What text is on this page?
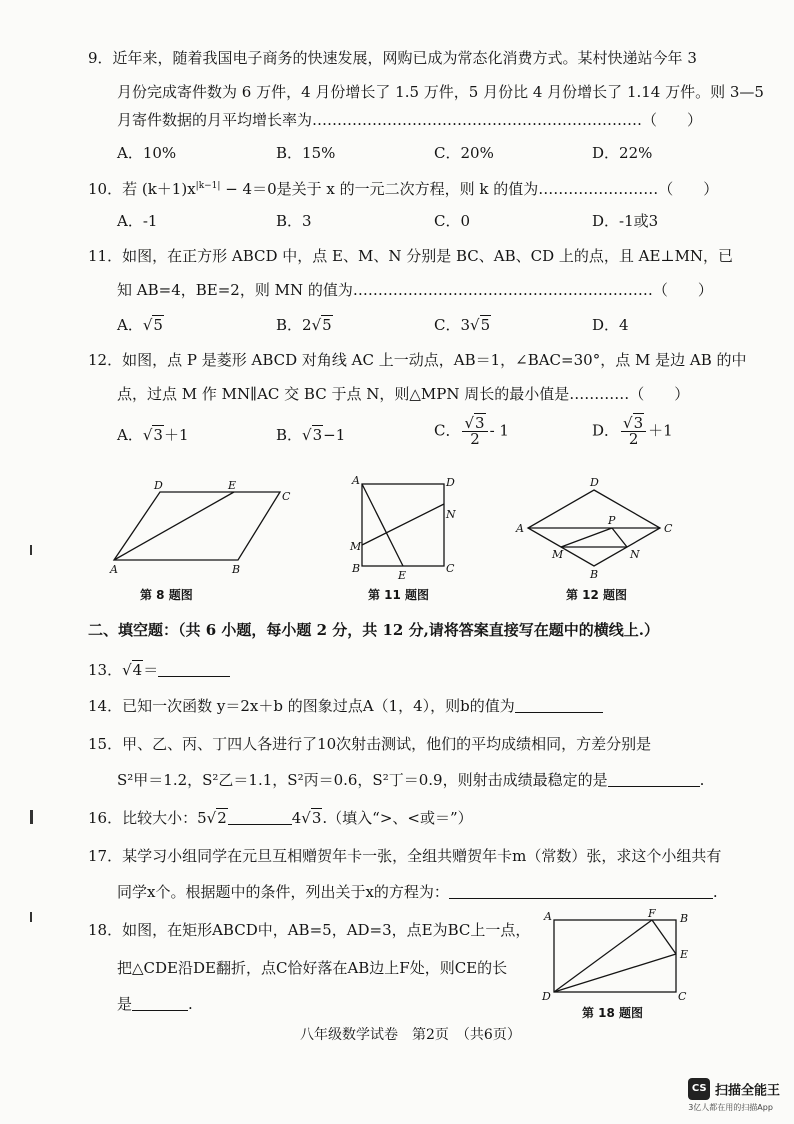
9．近年来，随着我国电子商务的快速发展，网购已成为常态化消费方式。某村快递站今年 3
月份完成寄件数为 6 万件，4 月份增长了 1.5 万件，5 月份比 4 月份增长了 1.14 万件。则 3—5
月寄件数据的月平均增长率为…………………………………………………………（　　）
A．10%	B．15%	C．20%	D．22%
10．若 $(k+1)x^{|k-1|} - 4=0$是关于 x 的一元二次方程，则 k 的值为……………………（　　）
A．-1	B．3	C．0	D．-1或3
11．如图，在正方形 ABCD 中，点 E、M、N 分别是 BC、AB、CD 上的点，且 AE⊥MN，已
知 AB=4，BE=2，则 MN 的值为……………………………………………………（　　）
A．√5	B．2√5	C．3√5	D．4
12．如图，点 P 是菱形 ABCD 对角线 AC 上一动点，AB＝1，∠BAC=30°，点 M 是边 AB 的中
点，过点 M 作 MN∥AC 交 BC 于点 N，则△MPN 周长的最小值是…………（　　）
A．√3＋1	B．√3−1	C． $\frac{√3}{2} - 1$	D． $\frac{√3}{2} +1$
D	E
C
A	B
第 8 题图
A	D
N
M
B
E
C
第 11 题图
D
P
A	C
M	N
B
第 12 题图
二、填空题：（共 6 小题，每小题 2 分，共 12 分,请将答案直接写在题中的横线上.）
13．√4＝
14．已知一次函数 y＝2x＋b 的图象过点A（1，4），则b的值为
15．甲、乙、丙、丁四人各进行了10次射击测试，他们的平均成绩相同，方差分别是
S²甲＝1.2，S²乙＝1.1，S²丙＝0.6，S²丁＝0.9，则射击成绩最稳定的是	.
16．比较大小：5√2	4√3.（填入“>、<或＝”）
17．某学习小组同学在元旦互相赠贺年卡一张，全组共赠贺年卡m（常数）张，求这个小组共有
同学x个。根据题中的条件，列出关于x的方程为：	.
18．如图，在矩形ABCD中，AB=5，AD=3，点E为BC上一点，
把△CDE沿DE翻折，点C恰好落在AB边上F处，则CE的长
是	.
A	F B
E
D	C
第 18 题图
八年级数学试卷　第2页　（共6页）
CS 扫描全能王
3亿人都在用的扫描App
